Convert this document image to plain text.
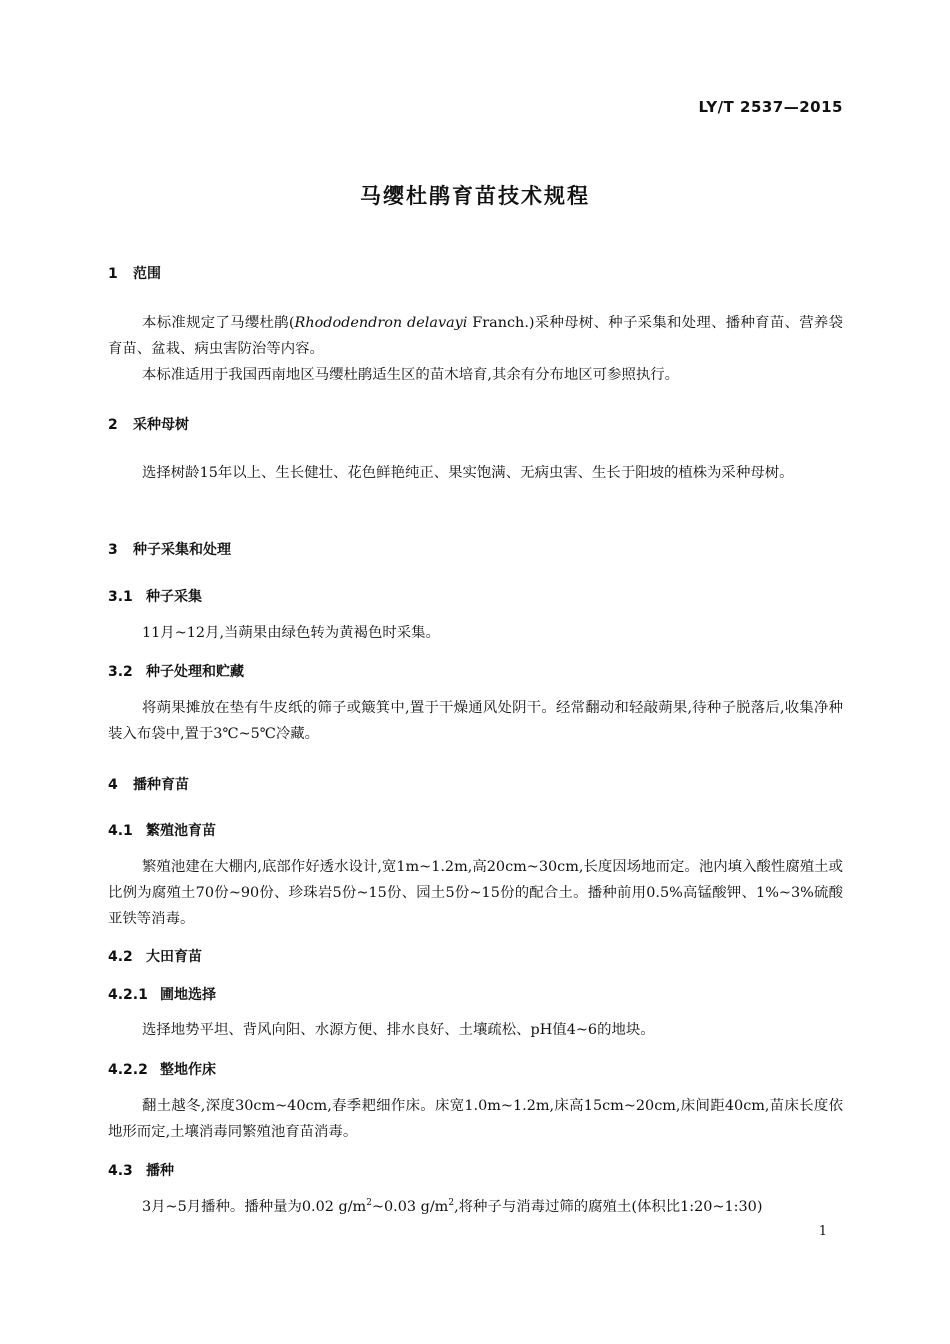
LY/T 2537—2015
马缨杜鹃育苗技术规程
1 范围
本标准规定了马缨杜鹃(Rhododendron delavayi Franch.)采种母树、种子采集和处理、播种育苗、营养袋育苗、盆栽、病虫害防治等内容。
本标准适用于我国西南地区马缨杜鹃适生区的苗木培育,其余有分布地区可参照执行。
2 采种母树
选择树龄15年以上、生长健壮、花色鲜艳纯正、果实饱满、无病虫害、生长于阳坡的植株为采种母树。
3 种子采集和处理
3.1 种子采集
11月~12月,当蒴果由绿色转为黄褐色时采集。
3.2 种子处理和贮藏
将蒴果摊放在垫有牛皮纸的筛子或簸箕中,置于干燥通风处阴干。经常翻动和轻敲蒴果,待种子脱落后,收集净种装入布袋中,置于3℃~5℃冷藏。
4 播种育苗
4.1 繁殖池育苗
繁殖池建在大棚内,底部作好透水设计,宽1m~1.2m,高20cm~30cm,长度因场地而定。池内填入酸性腐殖土或比例为腐殖土70份~90份、珍珠岩5份~15份、园土5份~15份的配合土。播种前用0.5%高锰酸钾、1%~3%硫酸亚铁等消毒。
4.2 大田育苗
4.2.1 圃地选择
选择地势平坦、背风向阳、水源方便、排水良好、土壤疏松、pH值4~6的地块。
4.2.2 整地作床
翻土越冬,深度30cm~40cm,春季耙细作床。床宽1.0m~1.2m,床高15cm~20cm,床间距40cm,苗床长度依地形而定,土壤消毒同繁殖池育苗消毒。
4.3 播种
3月~5月播种。播种量为0.02 $g/m^2\sim 0.03$ $g/m^2$,将种子与消毒过筛的腐殖土(体积比1:20~1:30)
1
